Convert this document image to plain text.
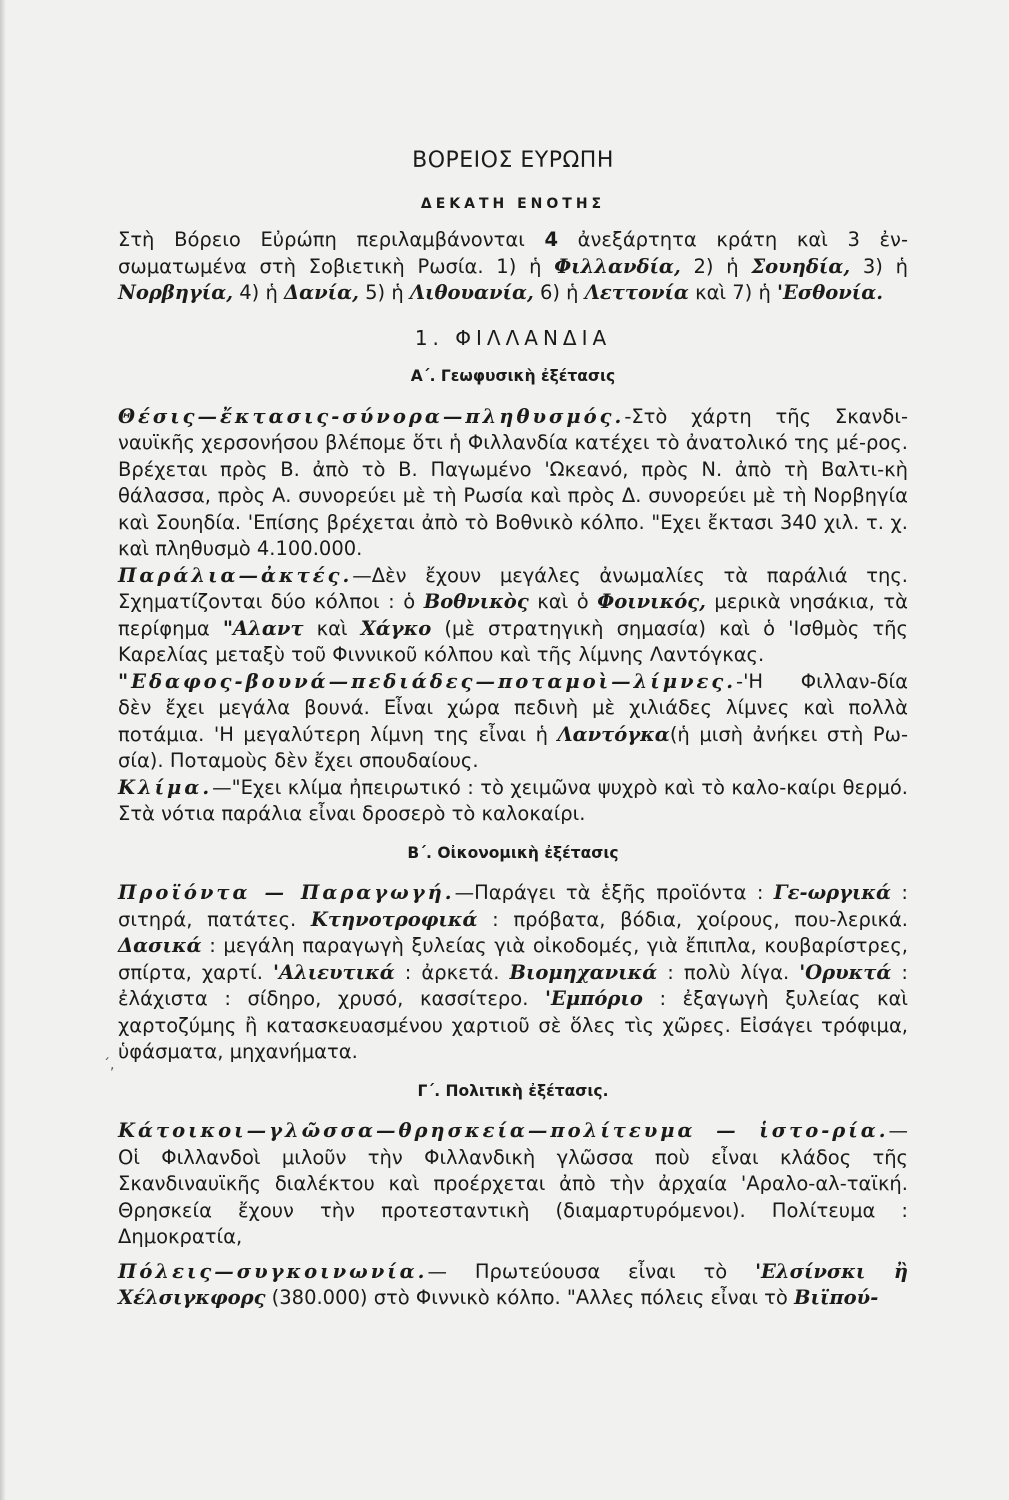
´,
ΒΟΡΕΙΟΣ ΕΥΡΩΠΗ
ΔΕΚΑΤΗ ΕΝΟΤΗΣ

Στὴ Βόρειο Εὐρώπη περιλαμβάνονται 4 ἀνεξάρτητα κράτη καὶ 3 ἐν-σωματωμένα στὴ Σοβιετικὴ Ρωσία. 1) ἡ Φιλλανδία, 2) ἡ Σουηδία, 3) ἡ Νορβηγία, 4) ἡ Δανία, 5) ἡ Λιθουανία, 6) ἡ Λεττονία καὶ 7) ἡ 'Εσθονία.

1. ΦΙΛΛΑΝΔΙΑ
Α΄. Γεωφυσικὴ ἐξέτασις

Θέσις—ἔκτασις-σύνορα—πληθυσμός.-Στὸ χάρτη τῆς Σκανδι-ναυϊκῆς χερσονήσου βλέπομε ὅτι ἡ Φιλλανδία κατέχει τὸ ἀνατολικό της μέ-ρος. Βρέχεται πρὸς Β. ἀπὸ τὸ Β. Παγωμένο 'Ωκεανό, πρὸς Ν. ἀπὸ τὴ Βαλτι-κὴ θάλασσα, πρὸς Α. συνορεύει μὲ τὴ Ρωσία καὶ πρὸς Δ. συνορεύει μὲ τὴ Νορβηγία καὶ Σουηδία. 'Επίσης βρέχεται ἀπὸ τὸ Βοθνικὸ κόλπο. "Εχει ἔκτασι 340 χιλ. τ. χ. καὶ πληθυσμὸ 4.100.000.

Παράλια—ἀκτές.—Δὲν ἔχουν μεγάλες ἀνωμαλίες τὰ παράλιά της. Σχηματίζονται δύο κόλποι : ὁ Βοθνικὸς καὶ ὁ Φοινικός, μερικὰ νησάκια, τὰ περίφημα "Αλαντ καὶ Χάγκο (μὲ στρατηγικὴ σημασία) καὶ ὁ 'Ισθμὸς τῆς Καρελίας μεταξὺ τοῦ Φιννικοῦ κόλπου καὶ τῆς λίμνης Λαντόγκας.

"Εδαφος-βουνά—πεδιάδες—ποταμοὶ—λίμνες.-'Η Φιλλαν-δία δὲν ἔχει μεγάλα βουνά. Εἶναι χώρα πεδινὴ μὲ χιλιάδες λίμνες καὶ πολλὰ ποτάμια. 'Η μεγαλύτερη λίμνη της εἶναι ἡ Λαντόγκα(ἡ μισὴ ἀνήκει στὴ Ρω-σία). Ποταμοὺς δὲν ἔχει σπουδαίους.

Κλίμα.—"Εχει κλίμα ἠπειρωτικό : τὸ χειμῶνα ψυχρὸ καὶ τὸ καλο-καίρι θερμό. Στὰ νότια παράλια εἶναι δροσερὸ τὸ καλοκαίρι.

Β΄. Οἰκονομικὴ ἐξέτασις

Προϊόντα — Παραγωγή.—Παράγει τὰ ἑξῆς προϊόντα : Γε-ωργικά : σιτηρά, πατάτες. Κτηνοτροφικά : πρόβατα, βόδια, χοίρους, που-λερικά. Δασικά : μεγάλη παραγωγὴ ξυλείας γιὰ οἰκοδομές, γιὰ ἔπιπλα, κουβαρίστρες, σπίρτα, χαρτί. 'Αλιευτικά : ἀρκετά. Βιομηχανικά : πολὺ λίγα. 'Ορυκτά : ἐλάχιστα : σίδηρο, χρυσό, κασσίτερο. 'Εμπόριο : ἐξαγωγὴ ξυλείας καὶ χαρτοζύμης ἢ κατασκευασμένου χαρτιοῦ σὲ ὅλες τὶς χῶρες. Εἰσάγει τρόφιμα, ὑφάσματα, μηχανήματα.

Γ΄. Πολιτικὴ ἐξέτασις.

Κάτοικοι—γλῶσσα—θρησκεία—πολίτευμα — ἱστο-ρία.— Οἱ Φιλλανδοὶ μιλοῦν τὴν Φιλλανδικὴ γλῶσσα ποὺ εἶναι κλάδος τῆς Σκανδιναυϊκῆς διαλέκτου καὶ προέρχεται ἀπὸ τὴν ἀρχαία 'Αραλο-αλ-ταϊκή. Θρησκεία ἔχουν τὴν προτεσταντικὴ (διαμαρτυρόμενοι). Πολίτευμα : Δημοκρατία,

Πόλεις—συγκοινωνία.— Πρωτεύουσα εἶναι τὸ 'Ελσίνσκι ἢ Χέλσιγκφορς (380.000) στὸ Φιννικὸ κόλπο. "Αλλες πόλεις εἶναι τὸ Βιϊπού-
